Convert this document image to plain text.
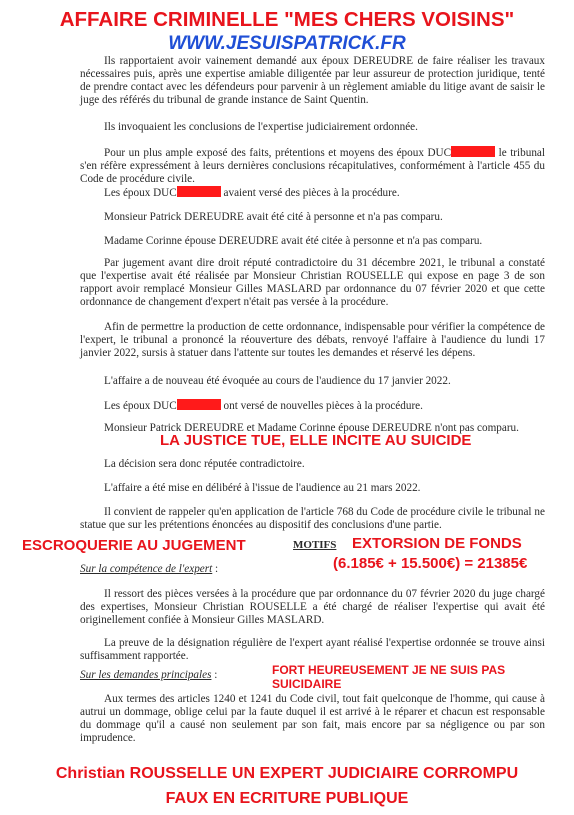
AFFAIRE CRIMINELLE "MES CHERS VOISINS"
WWW.JESUISPATRICK.FR
Ils rapportaient avoir vainement demandé aux époux DEREUDRE de faire réaliser les travaux nécessaires puis, après une expertise amiable diligentée par leur assureur de protection juridique, tenté de prendre contact avec les défendeurs pour parvenir à un règlement amiable du litige avant de saisir le juge des référés du tribunal de grande instance de Saint Quentin.
Ils invoquaient les conclusions de l'expertise judiciairement ordonnée.
Pour un plus ample exposé des faits, prétentions et moyens des époux DUC	le tribunal s'en réfère expressément à leurs dernières conclusions récapitulatives, conformément à l'article 455 du Code de procédure civile.
Les époux DUC	avaient versé des pièces à la procédure.
Monsieur Patrick DEREUDRE avait été cité à personne et n'a pas comparu.
Madame Corinne épouse DEREUDRE avait été citée à personne et n'a pas comparu.
Par jugement avant dire droit réputé contradictoire du 31 décembre 2021, le tribunal a constaté que l'expertise avait été réalisée par Monsieur Christian ROUSELLE qui expose en page 3 de son rapport avoir remplacé Monsieur Gilles MASLARD par ordonnance du 07 février 2020 et que cette ordonnance de changement d'expert n'était pas versée à la procédure.
Afin de permettre la production de cette ordonnance, indispensable pour vérifier la compétence de l'expert, le tribunal a prononcé la réouverture des débats, renvoyé l'affaire à l'audience du lundi 17 janvier 2022, sursis à statuer dans l'attente sur toutes les demandes et réservé les dépens.
L'affaire a de nouveau été évoquée au cours de l'audience du 17 janvier 2022.
Les époux DUC	ont versé de nouvelles pièces à la procédure.
Monsieur Patrick DEREUDRE et Madame Corinne épouse DEREUDRE n'ont pas comparu.
LA JUSTICE TUE, ELLE INCITE AU SUICIDE
La décision sera donc réputée contradictoire.
L'affaire a été mise en délibéré à l'issue de l'audience au 21 mars 2022.
Il convient de rappeler qu'en application de l'article 768 du Code de procédure civile le tribunal ne statue que sur les prétentions énoncées au dispositif des conclusions d'une partie.
ESCROQUERIE AU JUGEMENT	MOTIFS EXTORSION DE FONDS
(6.185€ + 15.500€) = 21385€
Sur la compétence de l'expert :
Il ressort des pièces versées à la procédure que par ordonnance du 07 février 2020 du juge chargé des expertises, Monsieur Christian ROUSELLE a été chargé de réaliser l'expertise qui avait été originellement confiée à Monsieur Gilles MASLARD.
La preuve de la désignation régulière de l'expert ayant réalisé l'expertise ordonnée se trouve ainsi suffisamment rapportée.
Sur les demandes principales :	FORT HEUREUSEMENT JE NE SUIS PAS SUICIDAIRE
Aux termes des articles 1240 et 1241 du Code civil, tout fait quelconque de l'homme, qui cause à autrui un dommage, oblige celui par la faute duquel il est arrivé à le réparer et chacun est responsable du dommage qu'il a causé non seulement par son fait, mais encore par sa négligence ou par son imprudence.
Christian ROUSSELLE UN EXPERT JUDICIAIRE CORROMPU
FAUX EN ECRITURE PUBLIQUE
